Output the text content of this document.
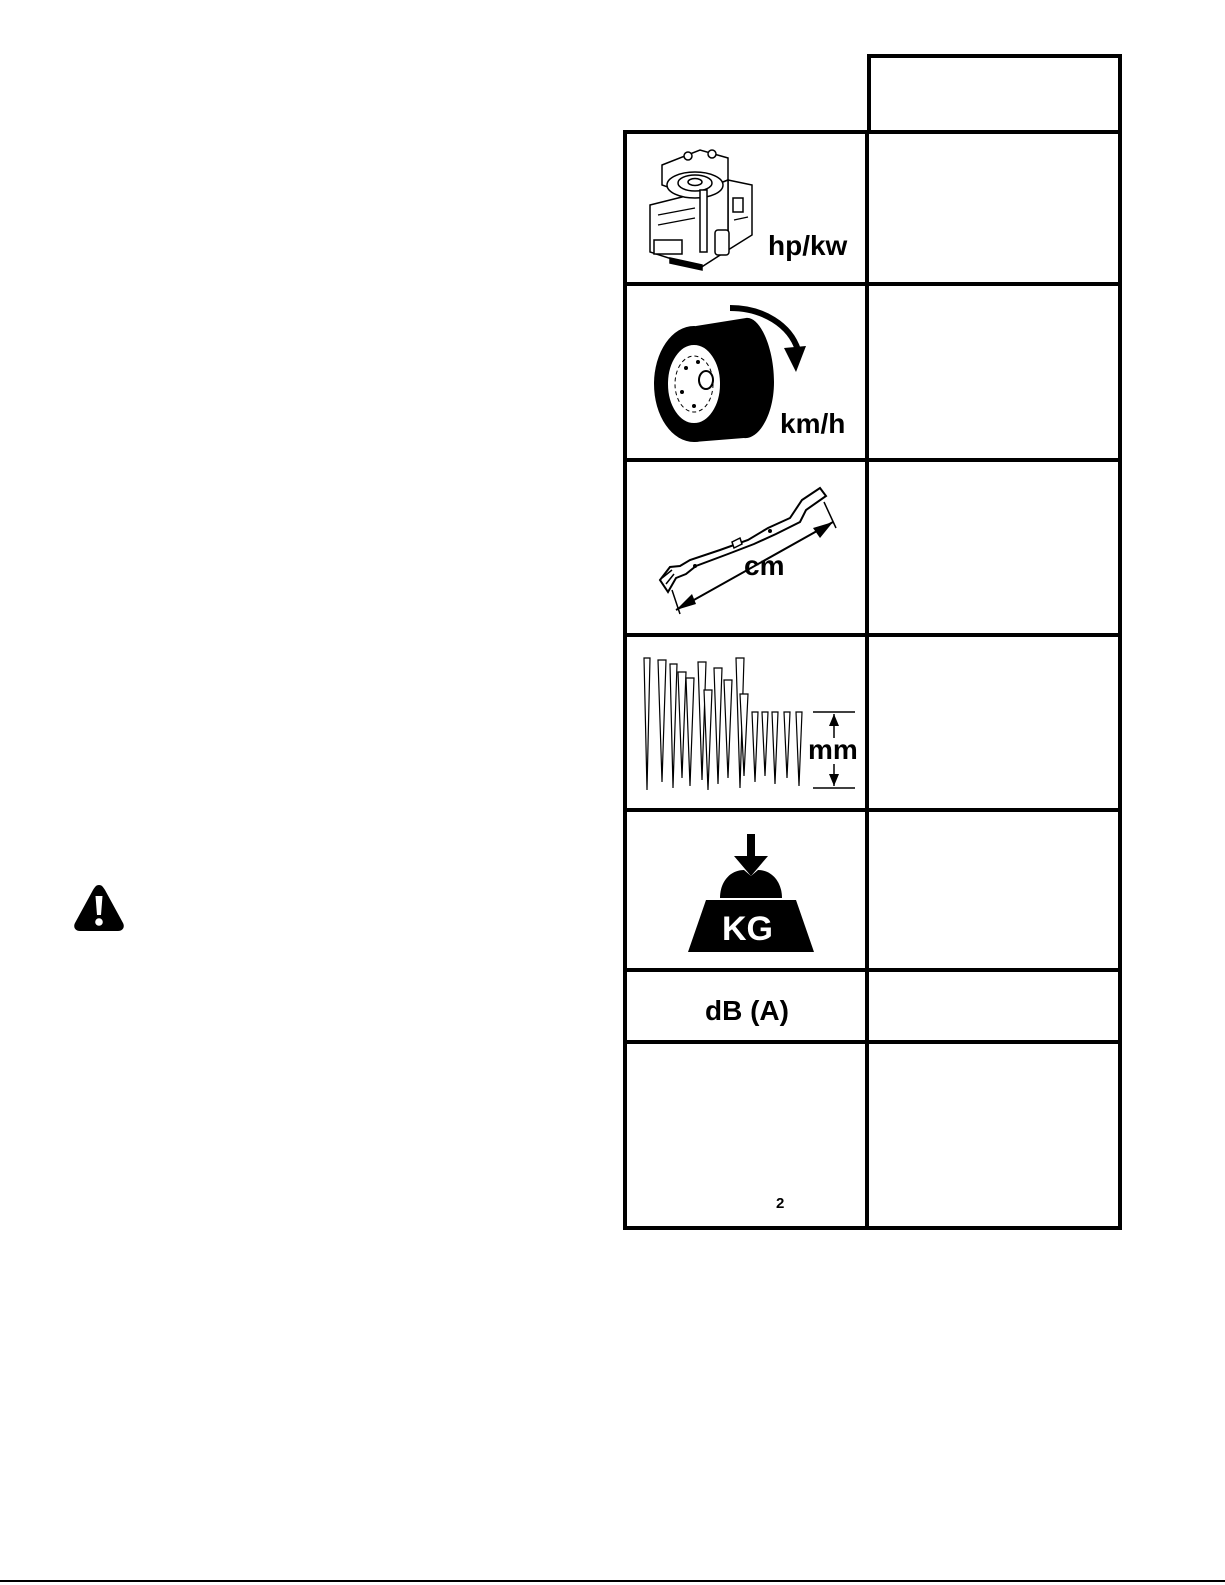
hp/kw
km/h
cm
mm
KG
dB (A)
2
